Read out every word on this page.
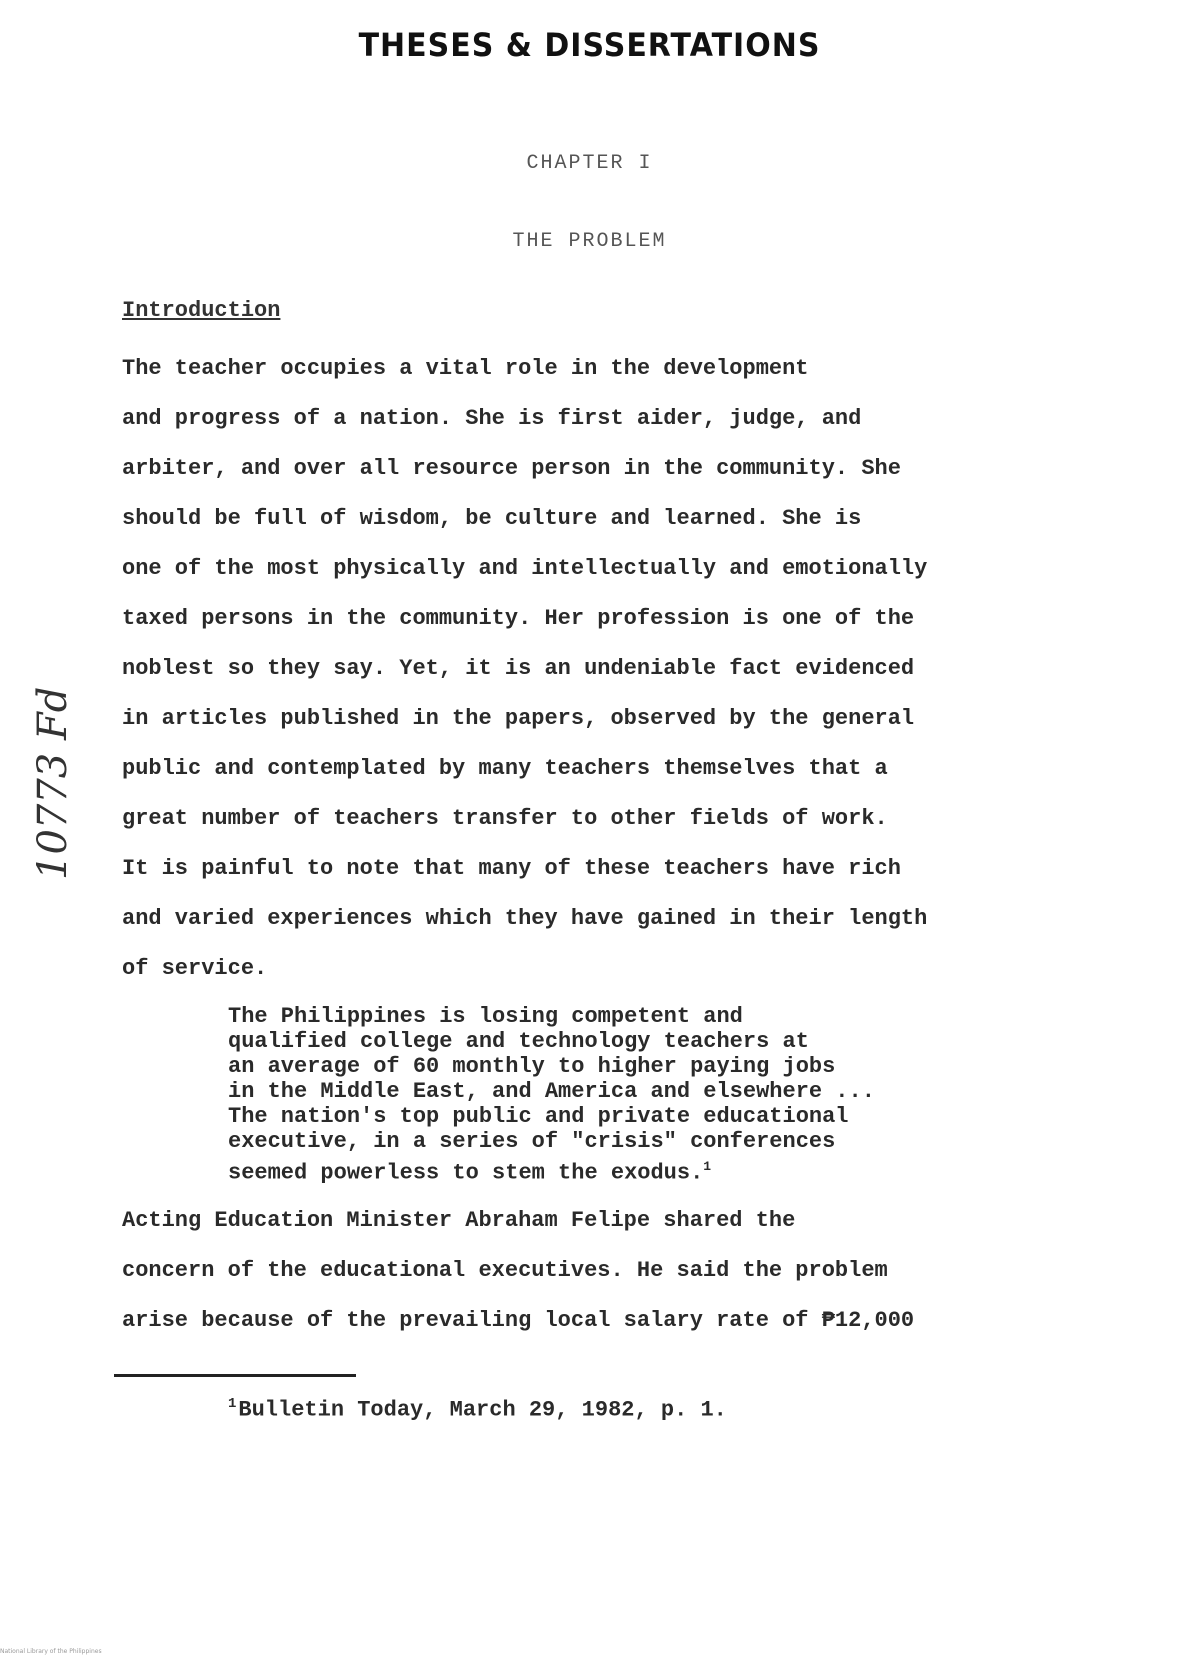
THESES & DISSERTATIONS
CHAPTER I
THE PROBLEM
Introduction

The teacher occupies a vital role in the development
and progress of a nation. She is first aider, judge, and
arbiter, and over all resource person in the community. She
should be full of wisdom, be culture and learned. She is
one of the most physically and intellectually and emotionally
taxed persons in the community. Her profession is one of the
noblest so they say. Yet, it is an undeniable fact evidenced
in articles published in the papers, observed by the general
public and contemplated by many teachers themselves that a
great number of teachers transfer to other fields of work.
It is painful to note that many of these teachers have rich
and varied experiences which they have gained in their length
of service.

The Philippines is losing competent and
qualified college and technology teachers at
an average of 60 monthly to higher paying jobs
in the Middle East, and America and elsewhere ...
The nation's top public and private educational
executive, in a series of "crisis" conferences
seemed powerless to stem the exodus.$^1$

Acting Education Minister Abraham Felipe shared the
concern of the educational executives. He said the problem
arise because of the prevailing local salary rate of ₱12,000

$^1$Bulletin Today, March 29, 1982, p. 1.
10773 Fd
National Library of the Philippines
